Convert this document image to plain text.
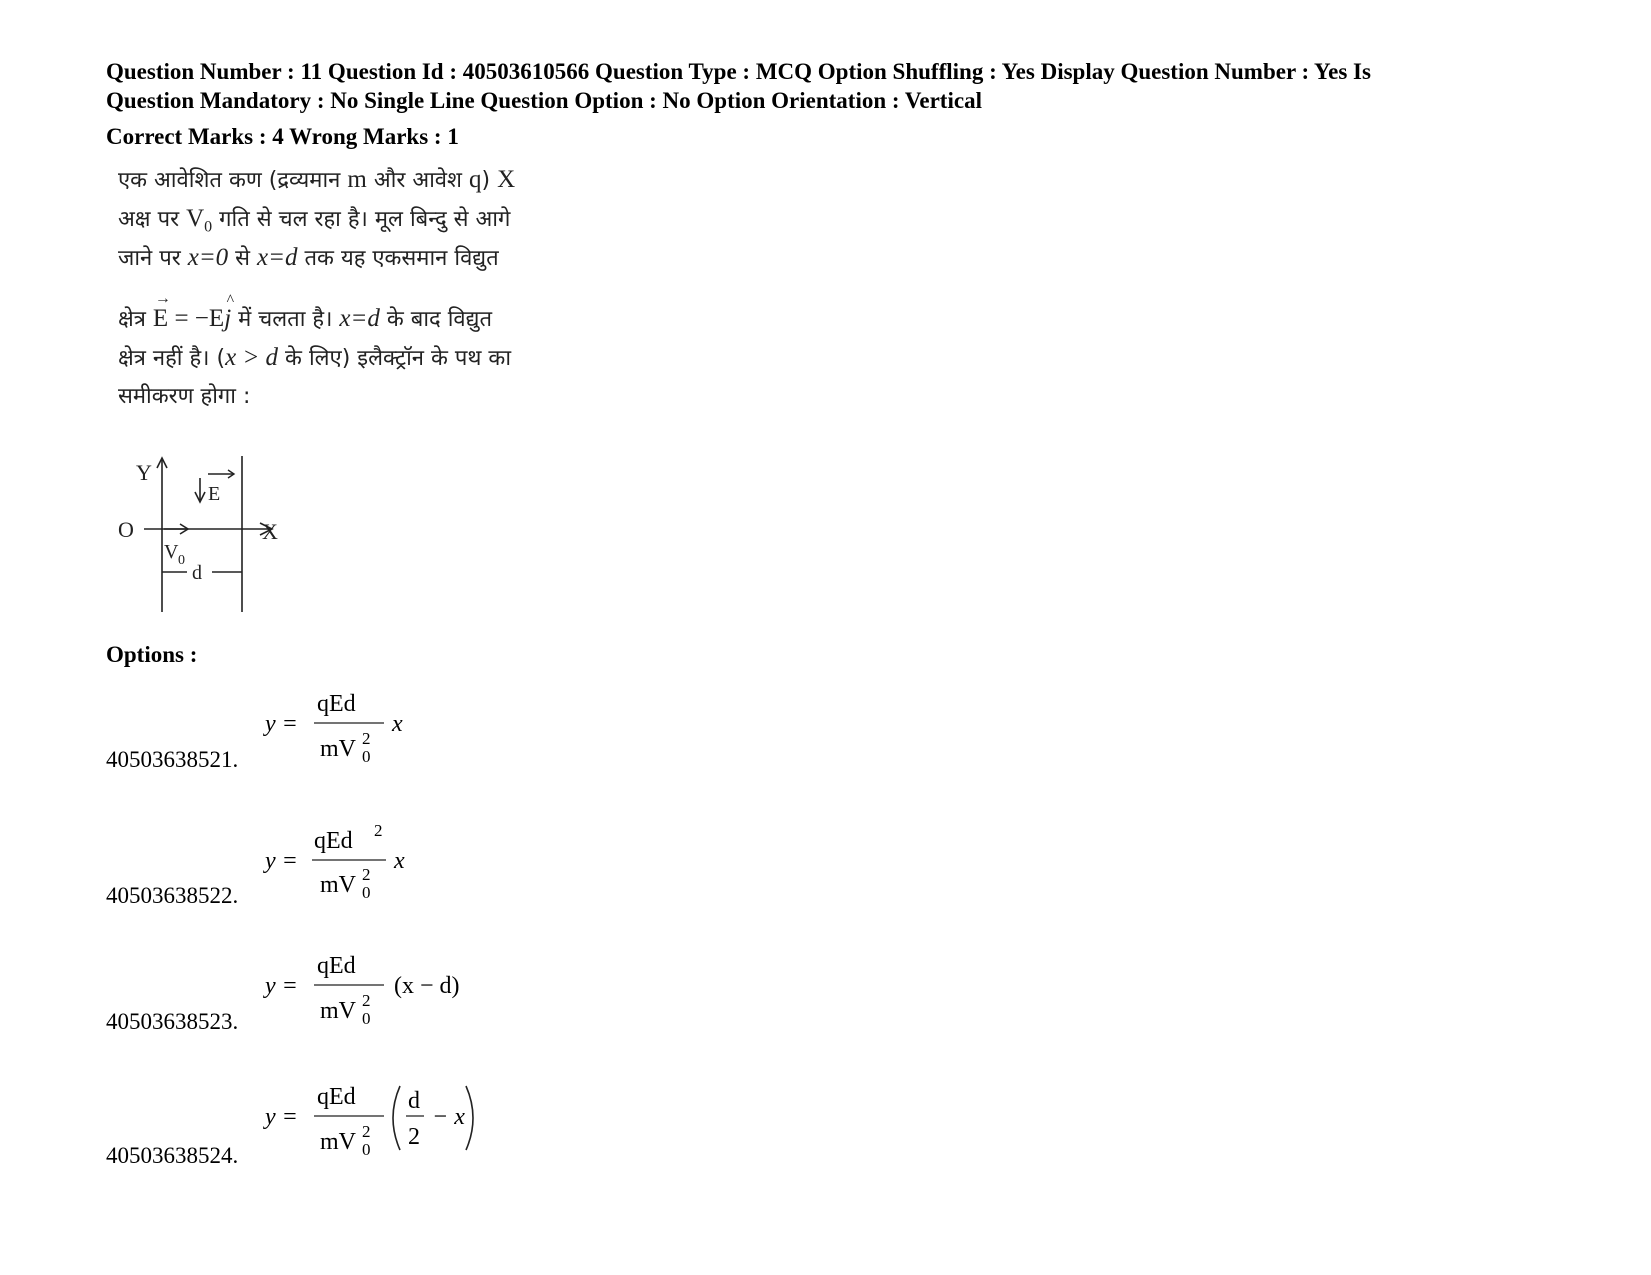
Question Number : 11 Question Id : 40503610566 Question Type : MCQ Option Shuffling : Yes Display Question Number : Yes Is
Question Mandatory : No Single Line Question Option : No Option Orientation : Vertical
Correct Marks : 4 Wrong Marks : 1
एक आवेशित कण (द्रव्यमान m और आवेश q) X
अक्ष पर $V_0$ गति से चल रहा है। मूल बिन्दु से आगे
जाने पर x=0 से x=d तक यह एकसमान विद्युत
क्षेत्र
→
E = −E
^
j में चलता है। x=d के बाद विद्युत
क्षेत्र नहीं है। (x > d के लिए) इलैक्ट्रॉन के पथ का
समीकरण होगा :
Y
O	X
E
V 0
d
Options :
40503638521.
y =
qEd
mV 2
0
x
40503638522.
y =
qEd 2
mV 2
0
x
40503638523.
y =
qEd
mV 2
0
(x − d)
40503638524.
y =
qEd
mV 2
0
d
2
− x
